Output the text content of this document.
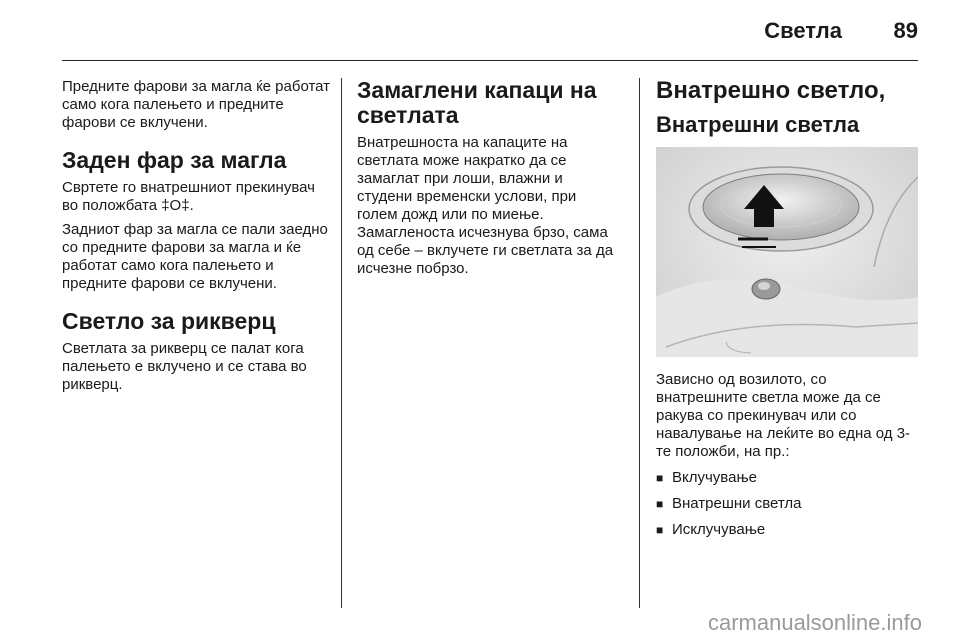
Светла 89

Предните фарови за магла ќе работат само кога палењето и предните фарови се вклучени.

Заден фар за магла

Свртете го внатрешниот прекинувач во положбата ‡O‡.

Задниот фар за магла се пали заедно со предните фарови за магла и ќе работат само кога палењето и предните фарови се вклучени.

Светло за рикверц

Светлата за рикверц се палат кога палењето е вклучено и се става во рикверц.

Замаглени капаци на светлата

Внатрешноста на капаците на светлата може накратко да се замаглат при лоши, влажни и студени временски услови, при голем дожд или по миење. Замагленоста исчезнува брзо, сама од себе – вклучете ги светлата за да исчезне побрзо.

Внатрешно светло,
Внатрешни светла

Зависно од возилото, со внатрешните светла може да се ракува со прекинувач или со навалување на леќите во една од 3-те положби, на пр.:

■ Вклучување
■ Внатрешни светла
■ Исклучување
carmanualsonline.info
